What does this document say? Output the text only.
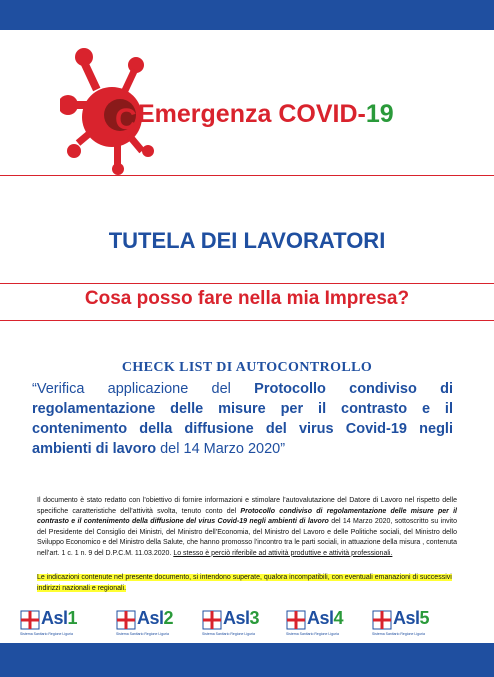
C Emergenza COVID-19
TUTELA DEI LAVORATORI
Cosa posso fare nella mia Impresa?
CHECK LIST DI AUTOCONTROLLO
“Verifica applicazione del Protocollo condiviso di regolamentazione delle misure per il contrasto e il contenimento della diffusione del virus Covid-19 negli ambienti di lavoro del 14 Marzo 2020”
Il documento è stato redatto con l’obiettivo di fornire informazioni e stimolare l’autovalutazione del Datore di Lavoro nel rispetto delle specifiche caratteristiche dell’attività svolta, tenuto conto del Protocollo condiviso di regolamentazione delle misure per il contrasto e il contenimento della diffusione del virus Covid-19 negli ambienti di lavoro del 14 Marzo 2020, sottoscritto su invito del Presidente del Consiglio dei Ministri, del Ministro dell’Economia, del Ministro del Lavoro e delle Politiche sociali, del Ministro dello Sviluppo Economico e del Ministro della Salute, che hanno promosso l’incontro tra le parti sociali, in attuazione della misura , contenuta nell’art. 1 c. 1 n. 9 del D.P.C.M. 11.03.2020. Lo stesso è perciò riferibile ad attività produttive e attività professionali.
Le indicazioni contenute nel presente documento, si intendono superate, qualora incompatibili, con eventuali emanazioni di successivi indirizzi nazionali e regionali.
Asl1
Sistema Sanitario Regione Liguria
Asl2
Sistema Sanitario Regione Liguria
Asl3
Sistema Sanitario Regione Liguria
Asl4
Sistema Sanitario Regione Liguria
Asl5
Sistema Sanitario Regione Liguria
